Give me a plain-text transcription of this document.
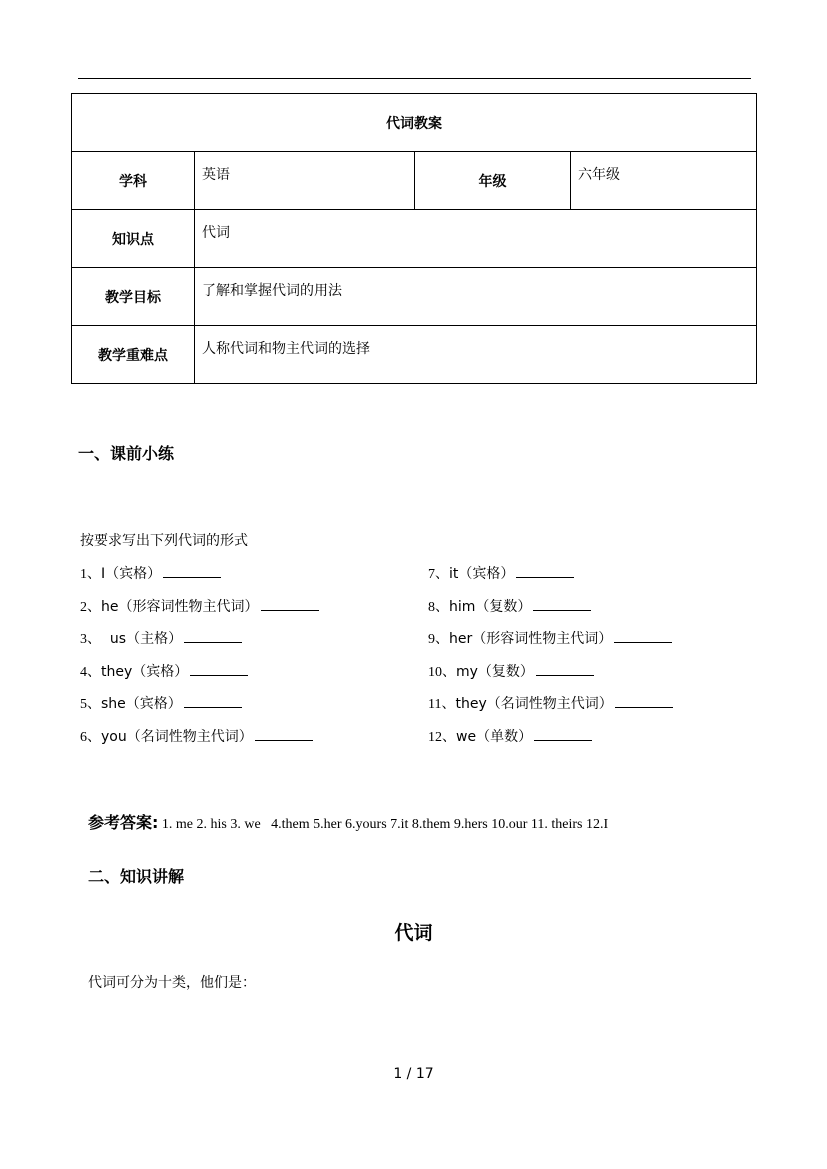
代词教案			
学科	英语	年级	六年级
知识点	代词		
教学目标	了解和掌握代词的用法		
教学重难点	人称代词和物主代词的选择		
一、课前小练
按要求写出下列代词的形式
1、I（宾格）
2、he（形容词性物主代词）
3、  us（主格）
4、they（宾格）
5、she（宾格）
6、you（名词性物主代词）
7、it（宾格）
8、him（复数）
9、her（形容词性物主代词）
10、my（复数）
11、they（名词性物主代词）
12、we（单数）
参考答案: 1. me 2. his 3. we   4.them 5.her 6.yours 7.it 8.them 9.hers 10.our 11. theirs 12.I
二、知识讲解
代词
代词可分为十类，他们是：
1 / 17
